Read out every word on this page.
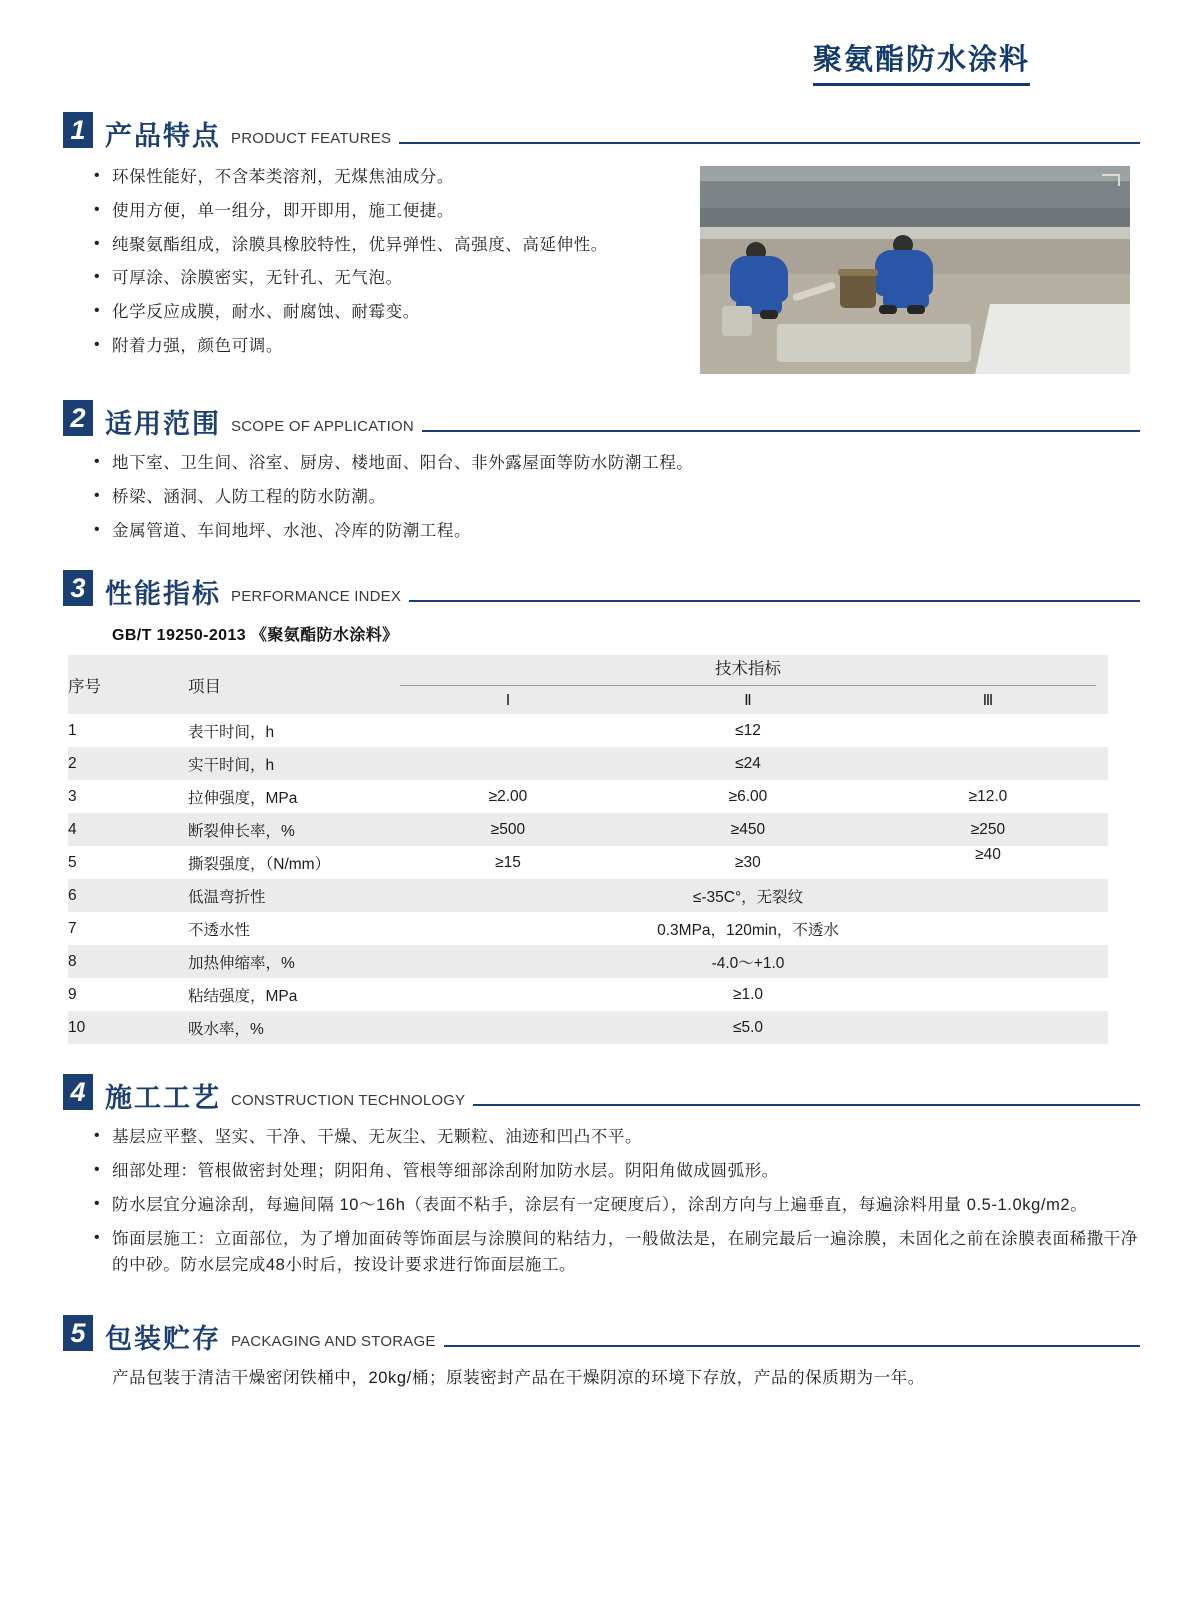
聚氨酯防水涂料
1 产品特点 PRODUCT FEATURES
• 环保性能好，不含苯类溶剂，无煤焦油成分。
• 使用方便，单一组分，即开即用，施工便捷。
• 纯聚氨酯组成，涂膜具橡胶特性，优异弹性、高强度、高延伸性。
• 可厚涂、涂膜密实，无针孔、无气泡。
• 化学反应成膜，耐水、耐腐蚀、耐霉变。
• 附着力强，颜色可调。
2 适用范围 SCOPE OF APPLICATION
• 地下室、卫生间、浴室、厨房、楼地面、阳台、非外露屋面等防水防潮工程。
• 桥梁、涵洞、人防工程的防水防潮。
• 金属管道、车间地坪、水池、冷库的防潮工程。
3 性能指标 PERFORMANCE INDEX
GB/T 19250-2013 《聚氨酯防水涂料》
序号	项目	技术指标		

		Ⅰ	Ⅱ	Ⅲ
1	表干时间，h	≤12		
2	实干时间，h	≤24		
3	拉伸强度，MPa	≥2.00	≥6.00	≥12.0
4	断裂伸长率，%	≥500	≥450	≥250
5	撕裂强度，（N/mm）	≥15	≥30	≥40
6	低温弯折性	≤-35C°，无裂纹		
7	不透水性	0.3MPa，120min，不透水		
8	加热伸缩率，%	-4.0～+1.0		
9	粘结强度，MPa	≥1.0		
10	吸水率，%	≤5.0		
4 施工工艺 CONSTRUCTION TECHNOLOGY
• 基层应平整、坚实、干净、干燥、无灰尘、无颗粒、油迹和凹凸不平。
• 细部处理：管根做密封处理；阴阳角、管根等细部涂刮附加防水层。阴阳角做成圆弧形。
• 防水层宜分遍涂刮，每遍间隔 10～16h（表面不粘手，涂层有一定硬度后），涂刮方向与上遍垂直，每遍涂料用量 0.5-1.0kg/m2。
• 饰面层施工：立面部位，为了增加面砖等饰面层与涂膜间的粘结力，一般做法是，在刷完最后一遍涂膜，未固化之前在涂膜表面稀撒干净的中砂。防水层完成48小时后，按设计要求进行饰面层施工。
5 包装贮存 PACKAGING AND STORAGE
产品包装于清洁干燥密闭铁桶中，20kg/桶；原装密封产品在干燥阴凉的环境下存放，产品的保质期为一年。
